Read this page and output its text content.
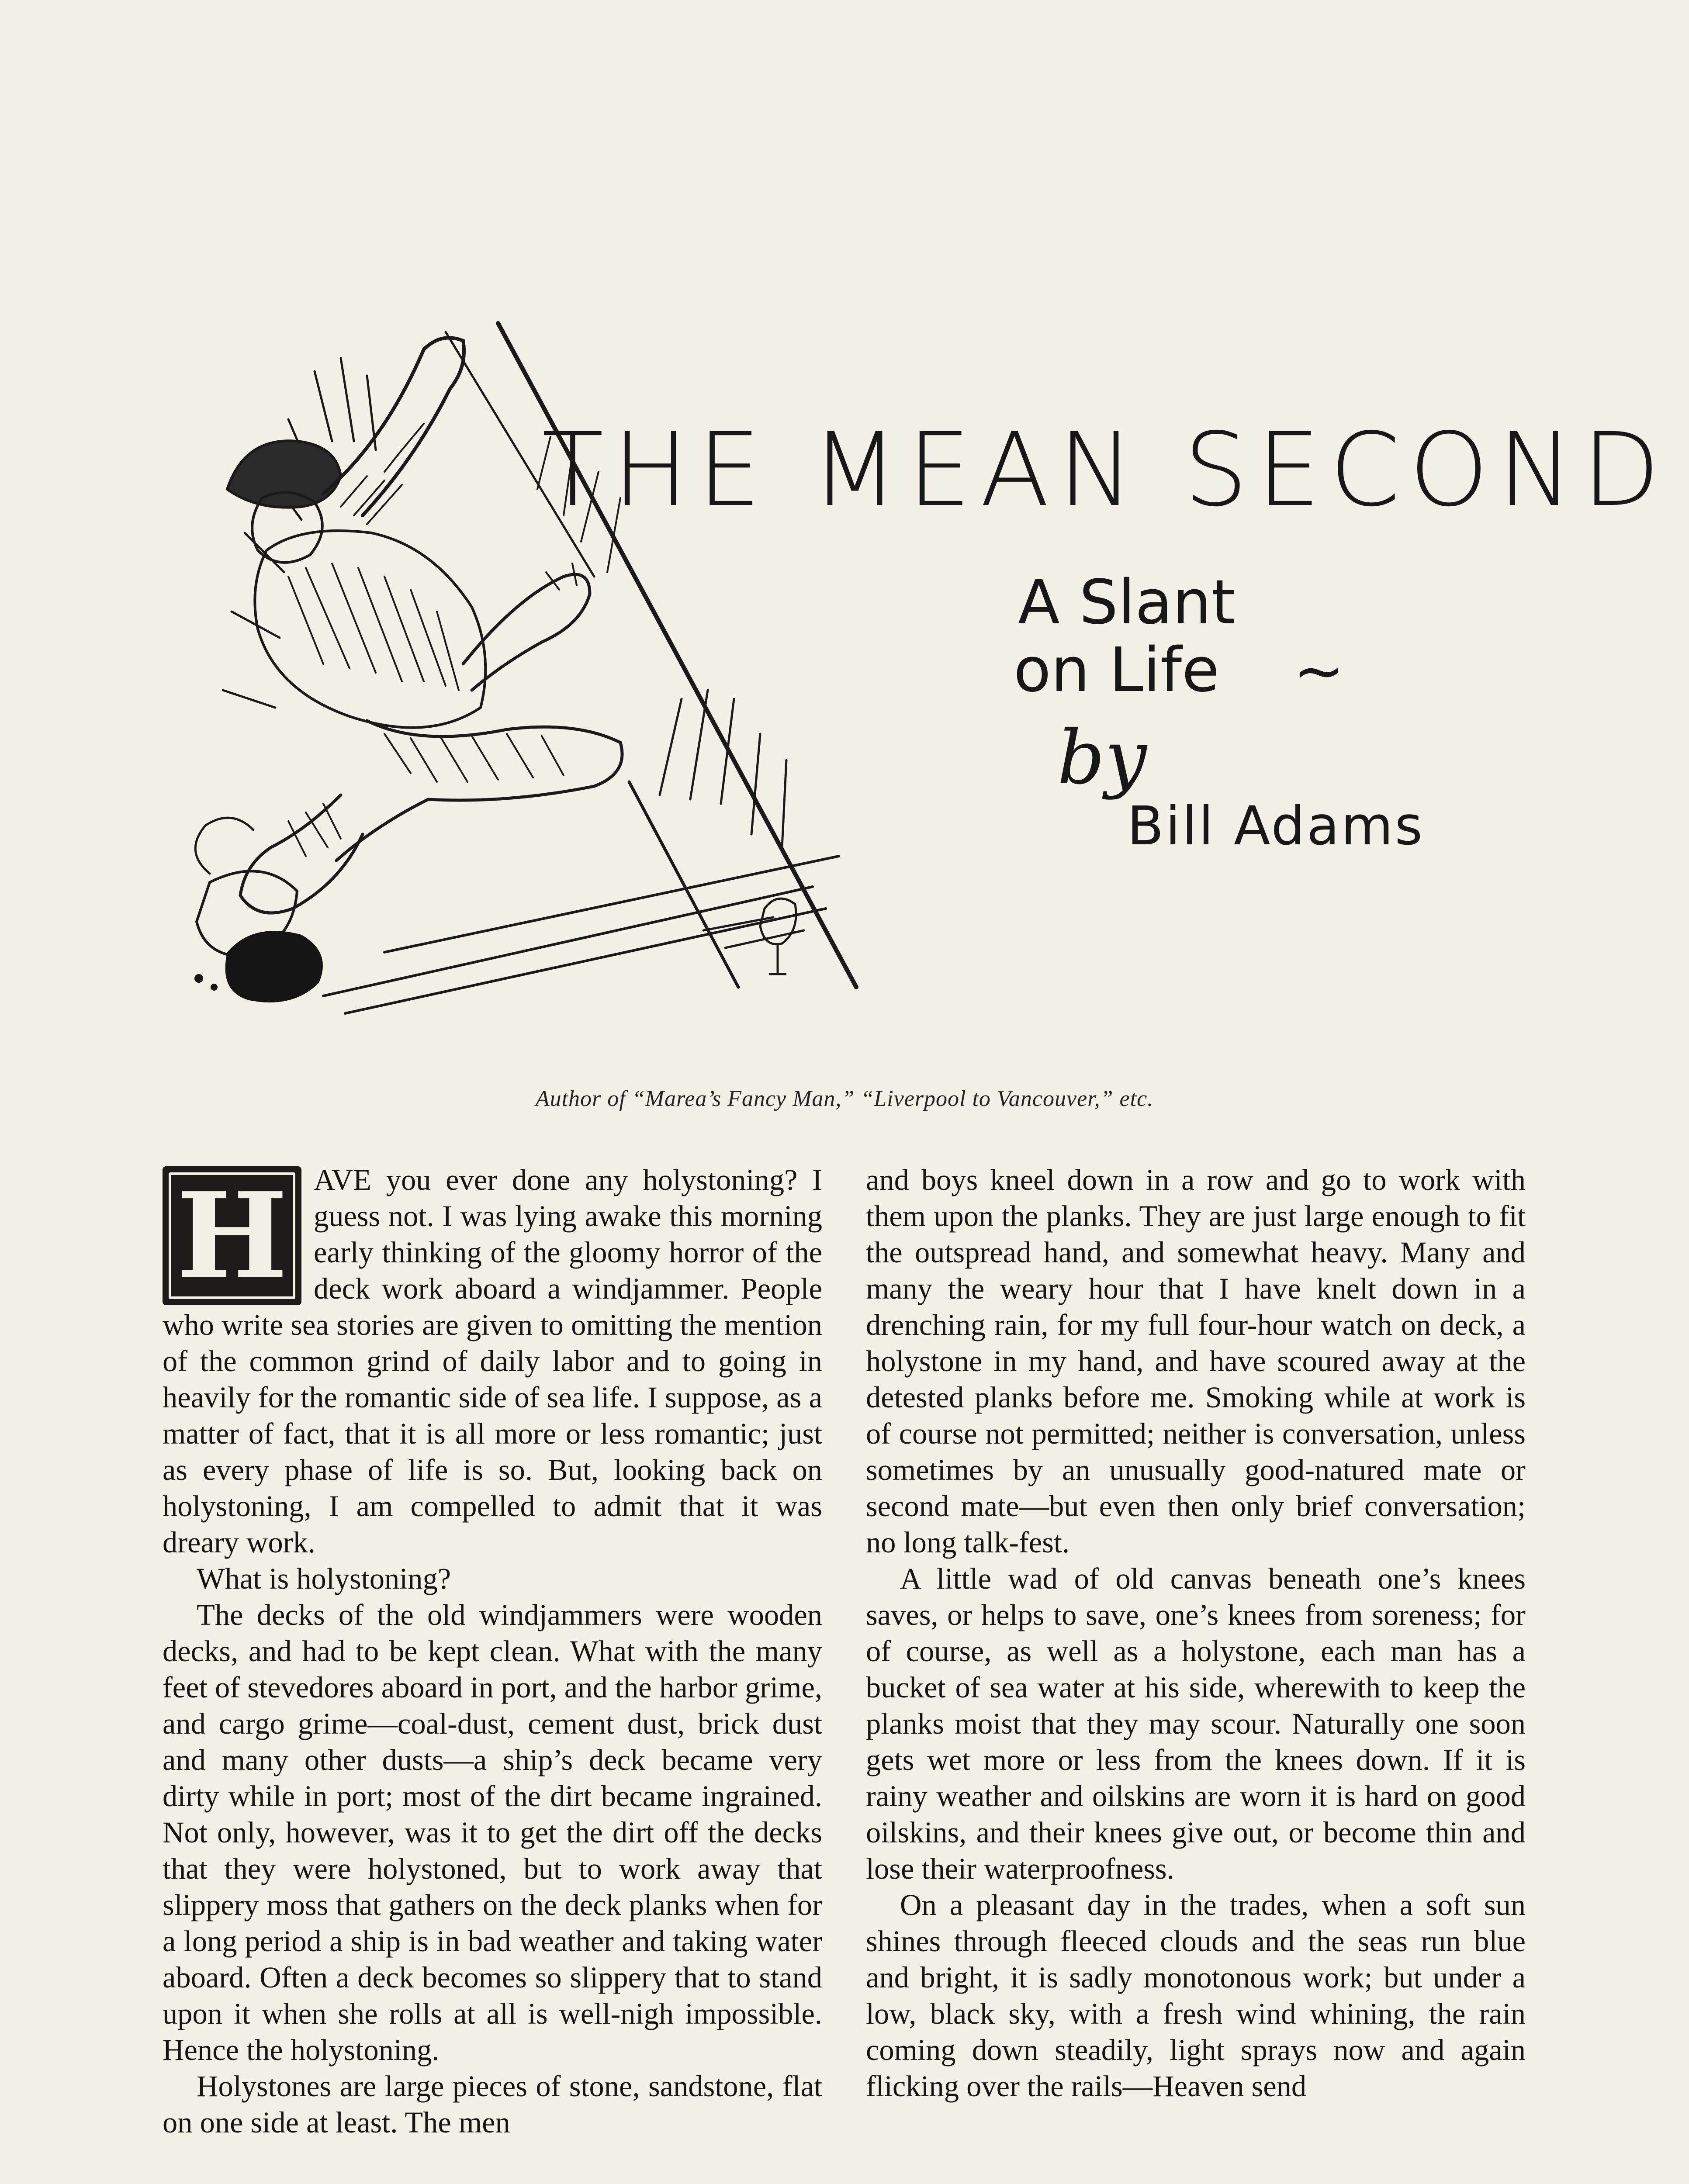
THE MEAN SECOND
A Slant
on Life ~
by
Bill Adams
Author of “Marea’s Fancy Man,” “Liverpool to Vancouver,” etc.
H AVE you ever done any holystoning? I guess not. I was lying awake this morning early thinking of the gloomy horror of the deck work aboard a windjammer. People who write sea stories are given to omitting the mention of the common grind of daily labor and to going in heavily for the romantic side of sea life. I suppose, as a matter of fact, that it is all more or less romantic; just as every phase of life is so. But, looking back on holystoning, I am compelled to admit that it was dreary work.

What is holystoning?

The decks of the old windjammers were wooden decks, and had to be kept clean. What with the many feet of stevedores aboard in port, and the harbor grime, and cargo grime—coal-dust, cement dust, brick dust and many other dusts—a ship’s deck became very dirty while in port; most of the dirt became ingrained. Not only, however, was it to get the dirt off the decks that they were holystoned, but to work away that slippery moss that gathers on the deck planks when for a long period a ship is in bad weather and taking water aboard. Often a deck becomes so slippery that to stand upon it when she rolls at all is well-nigh impossible. Hence the holystoning.

Holystones are large pieces of stone, sandstone, flat on one side at least. The men

and boys kneel down in a row and go to work with them upon the planks. They are just large enough to fit the outspread hand, and somewhat heavy. Many and many the weary hour that I have knelt down in a drenching rain, for my full four-hour watch on deck, a holystone in my hand, and have scoured away at the detested planks before me. Smoking while at work is of course not permitted; neither is conversation, unless sometimes by an unusually good-natured mate or second mate—but even then only brief conversation; no long talk-fest.

A little wad of old canvas beneath one’s knees saves, or helps to save, one’s knees from soreness; for of course, as well as a holystone, each man has a bucket of sea water at his side, wherewith to keep the planks moist that they may scour. Naturally one soon gets wet more or less from the knees down. If it is rainy weather and oilskins are worn it is hard on good oilskins, and their knees give out, or become thin and lose their waterproofness.

On a pleasant day in the trades, when a soft sun shines through fleeced clouds and the seas run blue and bright, it is sadly monotonous work; but under a low, black sky, with a fresh wind whining, the rain coming down steadily, light sprays now and again flicking over the rails—Heaven send
